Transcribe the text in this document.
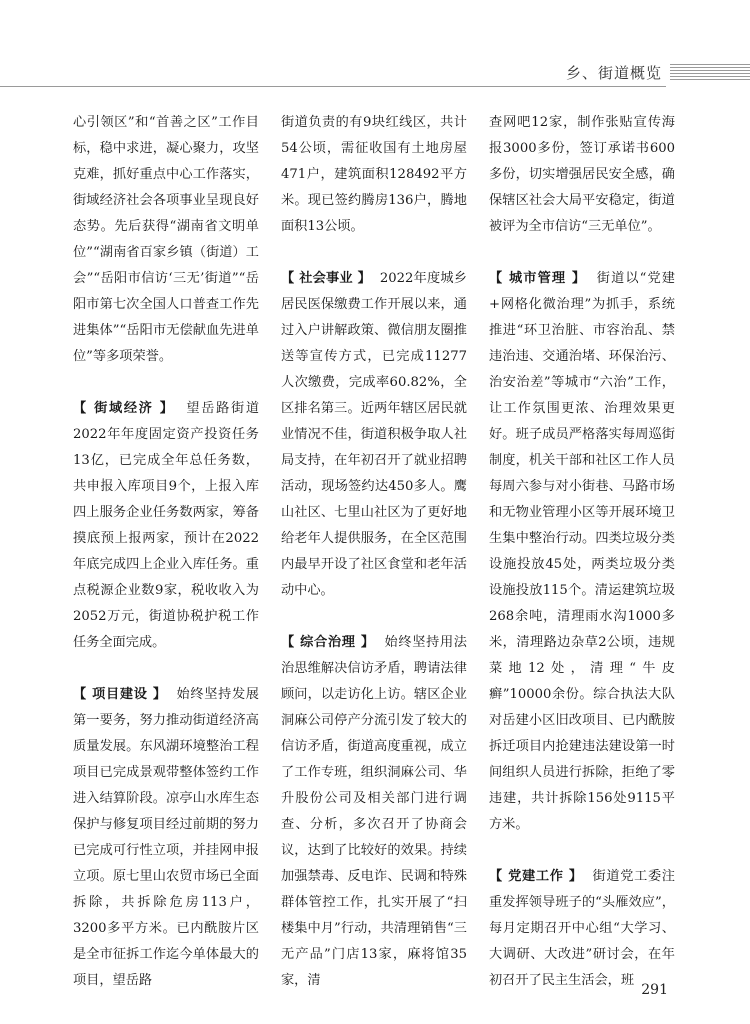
乡、街道概览

心引领区”和“首善之区”工作目标，稳中求进，凝心聚力，攻坚克难，抓好重点中心工作落实，街域经济社会各项事业呈现良好态势。先后获得“湖南省文明单位”“湖南省百家乡镇（街道）工会”“岳阳市信访‘三无’街道”“岳阳市第七次全国人口普查工作先进集体”“岳阳市无偿献血先进单位”等多项荣誉。

【 街域经济 】 望岳路街道2022年年度固定资产投资任务13亿，已完成全年总任务数，共申报入库项目9个，上报入库四上服务企业任务数两家，筹备摸底预上报两家，预计在2022年底完成四上企业入库任务。重点税源企业数9家，税收收入为2052万元，街道协税护税工作任务全面完成。

【 项目建设 】 始终坚持发展第一要务，努力推动街道经济高质量发展。东风湖环境整治工程项目已完成景观带整体签约工作进入结算阶段。凉亭山水库生态保护与修复项目经过前期的努力已完成可行性立项，并挂网申报立项。原七里山农贸市场已全面拆除，共拆除危房113户，3200多平方米。已内酰胺片区是全市征拆工作迄今单体最大的项目，望岳路

街道负责的有9块红线区，共计54公顷，需征收国有土地房屋471户，建筑面积128492平方米。现已签约腾房136户，腾地面积13公顷。

【 社会事业 】 2022年度城乡居民医保缴费工作开展以来，通过入户讲解政策、微信朋友圈推送等宣传方式，已完成11277人次缴费，完成率60.82%，全区排名第三。近两年辖区居民就业情况不佳，街道积极争取人社局支持，在年初召开了就业招聘活动，现场签约达450多人。鹰山社区、七里山社区为了更好地给老年人提供服务，在全区范围内最早开设了社区食堂和老年活动中心。

【 综合治理 】 始终坚持用法治思维解决信访矛盾，聘请法律顾问，以走访化上访。辖区企业洞麻公司停产分流引发了较大的信访矛盾，街道高度重视，成立了工作专班，组织洞麻公司、华升股份公司及相关部门进行调查、分析，多次召开了协商会议，达到了比较好的效果。持续加强禁毒、反电诈、民调和特殊群体管控工作，扎实开展了“扫楼集中月”行动，共清理销售“三无产品”门店13家，麻将馆35家，清

查网吧12家，制作张贴宣传海报3000多份，签订承诺书600多份，切实增强居民安全感，确保辖区社会大局平安稳定，街道被评为全市信访“三无单位”。

【 城市管理 】 街道以“党建+网格化微治理”为抓手，系统推进“环卫治脏、市容治乱、禁违治违、交通治堵、环保治污、治安治差”等城市“六治”工作，让工作氛围更浓、治理效果更好。班子成员严格落实每周巡街制度，机关干部和社区工作人员每周六参与对小街巷、马路市场和无物业管理小区等开展环境卫生集中整治行动。四类垃圾分类设施投放45处，两类垃圾分类设施投放115个。清运建筑垃圾268余吨，清理雨水沟1000多米，清理路边杂草2公顷，违规菜地12处，清理“牛皮癣”10000余份。综合执法大队对岳建小区旧改项目、已内酰胺拆迁项目内抢建违法建设第一时间组织人员进行拆除，拒绝了零违建，共计拆除156处9115平方米。

【 党建工作 】 街道党工委注重发挥领导班子的“头雁效应”，每月定期召开中心组“大学习、大调研、大改进”研讨会，在年初召开了民主生活会，班

291
